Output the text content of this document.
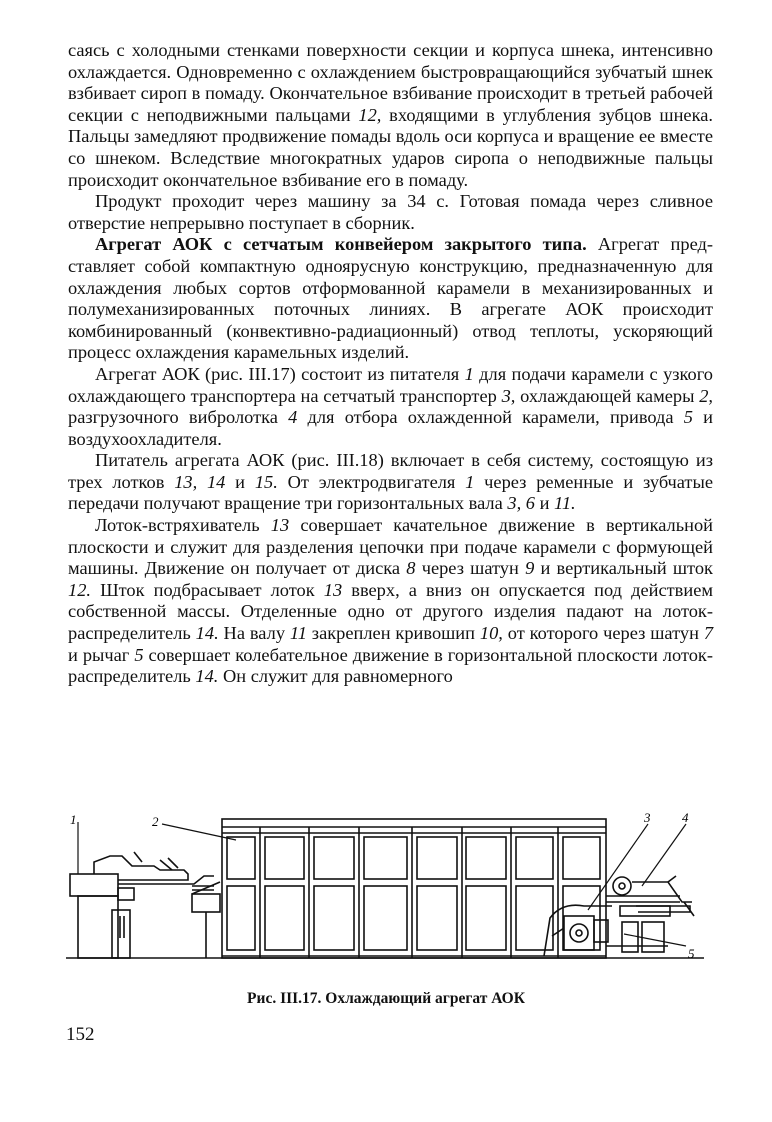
саясь с холодными стенками поверхности секции и корпуса шнека, интенсивно охлаждается. Одновременно с охлаждением быстровращающийся зубчатый шнек взбивает сироп в помаду. Окончательное взбивание происходит в третьей рабочей секции с неподвижными пальцами 12, входящими в углубления зубцов шнека. Пальцы замедляют продвижение помады вдоль оси корпуса и вращение ее вместе со шнеком. Вследствие многократных ударов сиропа о неподвижные пальцы происходит окончательное взбивание его в помаду.

Продукт проходит через машину за 34 с. Готовая помада через сливное отверстие непрерывно поступает в сборник.

Агрегат АОК с сетчатым конвейером закрытого типа. Агрегат представляет собой компактную одноярусную конструкцию, предназначенную для охлаждения любых сортов отформованной карамели в механизированных и полумеханизированных поточных линиях. В агрегате АОК происходит комбинированный (конвективно-радиационный) отвод теплоты, ускоряющий процесс охлаждения карамельных изделий.

Агрегат АОК (рис. III.17) состоит из питателя 1 для подачи карамели с узкого охлаждающего транспортера на сетчатый транспортер 3, охлаждающей камеры 2, разгрузочного вибролотка 4 для отбора охлажденной карамели, привода 5 и воздухоохладителя.

Питатель агрегата АОК (рис. III.18) включает в себя систему, состоящую из трех лотков 13, 14 и 15. От электродвигателя 1 через ременные и зубчатые передачи получают вращение три горизонтальных вала 3, 6 и 11.

Лоток-встряхиватель 13 совершает качательное движение в вертикальной плоскости и служит для разделения цепочки при подаче карамели с формующей машины. Движение он получает от диска 8 через шатун 9 и вертикальный шток 12. Шток подбрасывает лоток 13 вверх, а вниз он опускается под действием собственной массы. Отделенные одно от другого изделия падают на лоток-распределитель 14. На валу 11 закреплен кривошип 10, от которого через шатун 7 и рычаг 5 совершает колебательное движение в горизонтальной плоскости лоток-распределитель 14. Он служит для равномерного

1	2	3 4
5
Рис. III.17. Охлаждающий агрегат АОК
152
